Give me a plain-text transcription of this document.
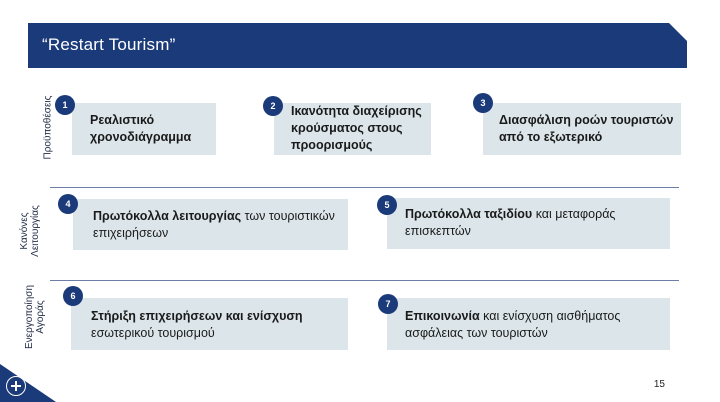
“Restart Tourism”
Προϋποθέσεις
Κανόνες
Λειτουργίας
Ενεργοποίηση
Αγοράς
Ρεαλιστικό χρονοδιάγραμμα
1	Ικανότητα διαχείρισης κρούσματος στους προορισμούς
2
Διασφάλιση ροών τουριστών από το εξωτερικό
3
Πρωτόκολλα λειτουργίας των τουριστικών επιχειρήσεων
4
Πρωτόκολλα ταξιδίου και μεταφοράς επισκεπτών
5
Στήριξη επιχειρήσεων και ενίσχυση εσωτερικού τουρισμού
6
Επικοινωνία και ενίσχυση αισθήματος ασφάλειας των τουριστών
7
15
